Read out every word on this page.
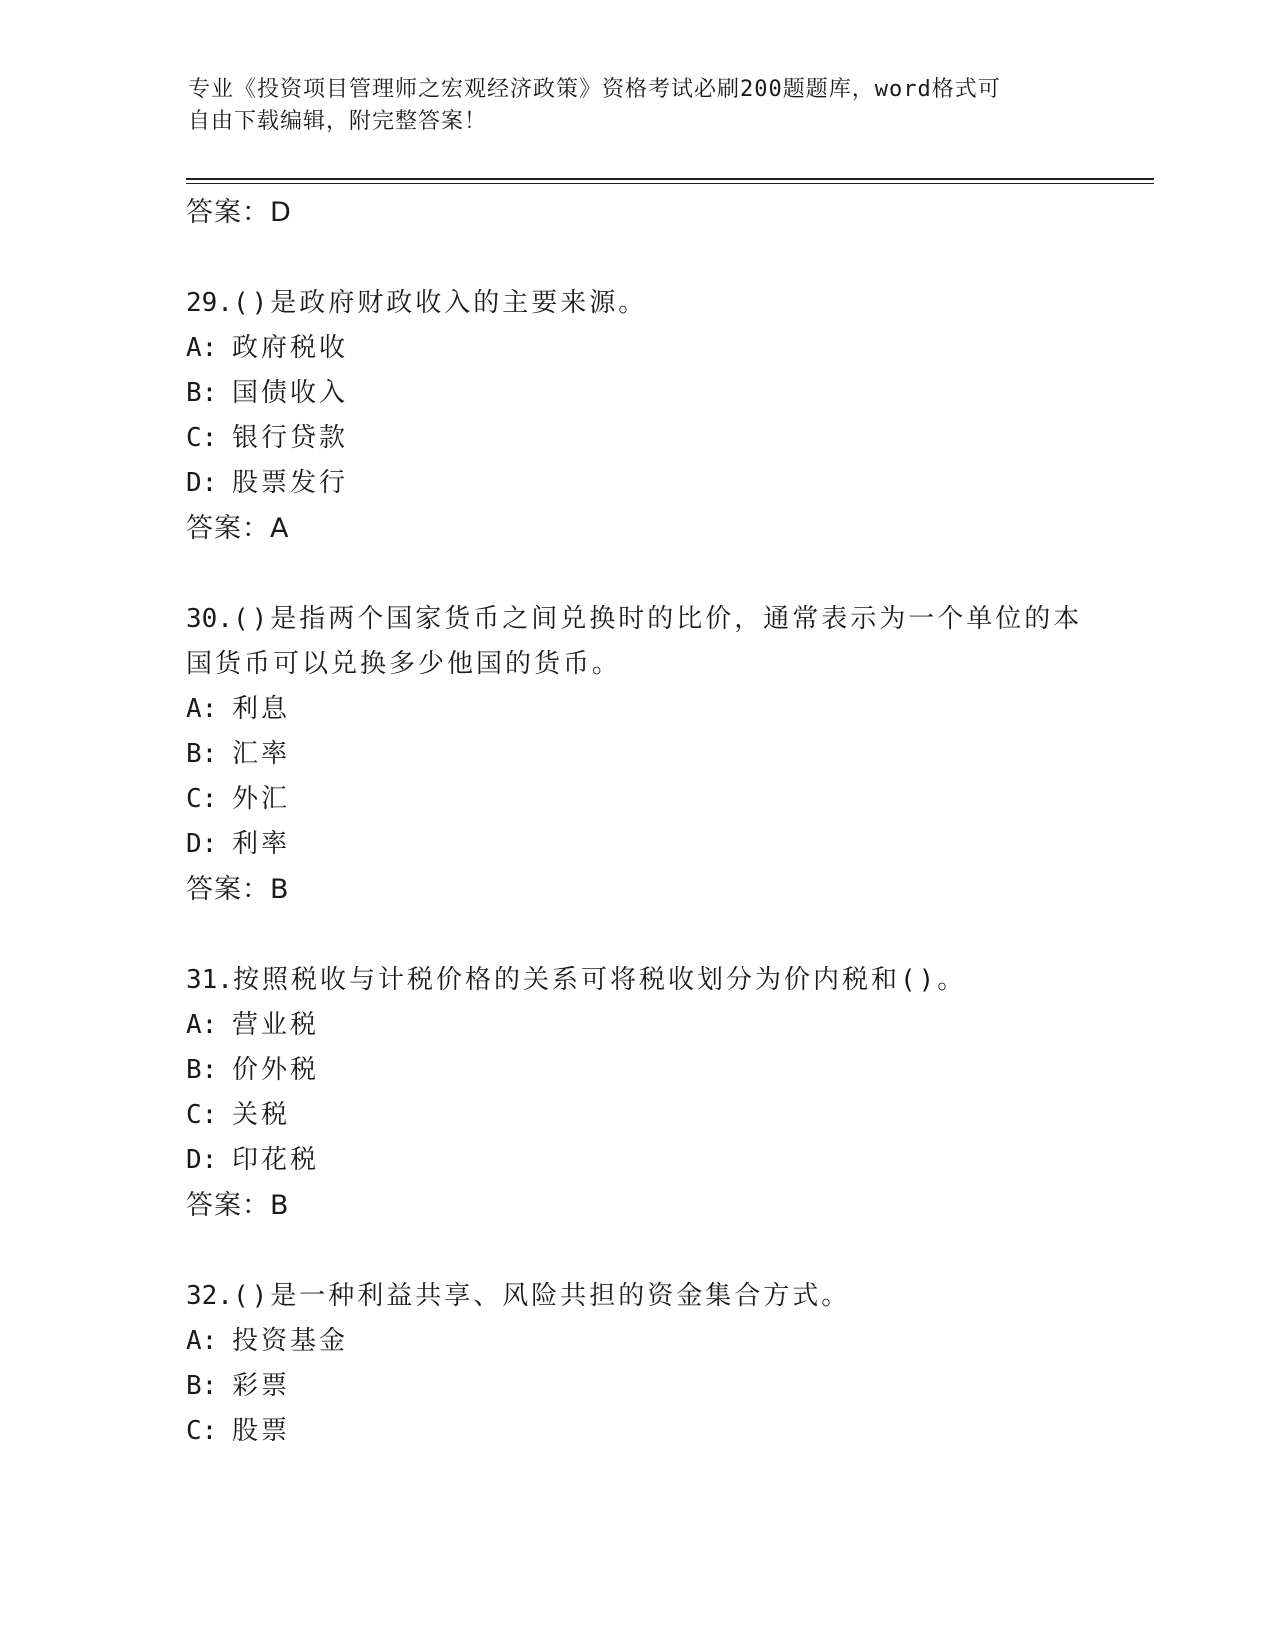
专业《投资项目管理师之宏观经济政策》资格考试必刷200题题库，word格式可
自由下载编辑，附完整答案！
答案：D
29.()是政府财政收入的主要来源。
A: 政府税收
B: 国债收入
C: 银行贷款
D: 股票发行
答案：A
30.()是指两个国家货币之间兑换时的比价，通常表示为一个单位的本国货币可以兑换多少他国的货币。
A: 利息
B: 汇率
C: 外汇
D: 利率
答案：B
31.按照税收与计税价格的关系可将税收划分为价内税和()。
A: 营业税
B: 价外税
C: 关税
D: 印花税
答案：B
32.()是一种利益共享、风险共担的资金集合方式。
A: 投资基金
B: 彩票
C: 股票
